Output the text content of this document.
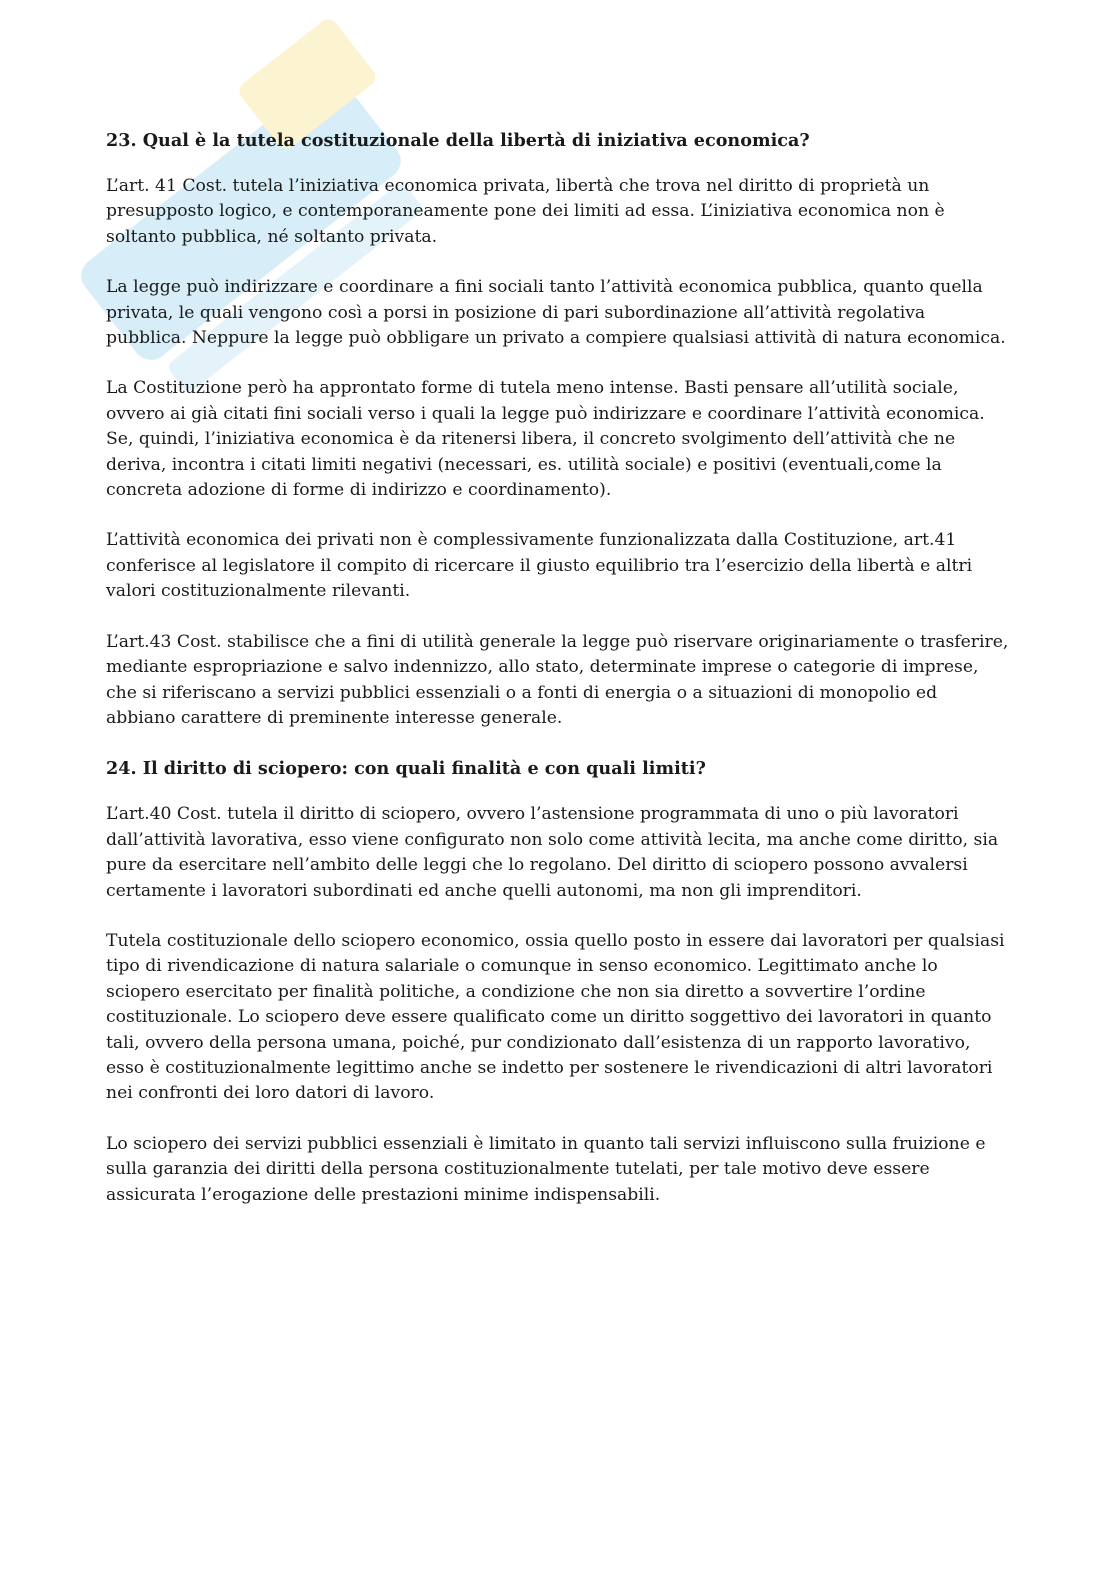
23. Qual è la tutela costituzionale della libertà di iniziativa economica?
L’art. 41 Cost. tutela l’iniziativa economica privata, libertà che trova nel diritto di proprietà un presupposto logico, e contemporaneamente pone dei limiti ad essa. L’iniziativa economica non è soltanto pubblica, né soltanto privata.
La legge può indirizzare e coordinare a fini sociali tanto l’attività economica pubblica, quanto quella privata, le quali vengono così a porsi in posizione di pari subordinazione all’attività regolativa pubblica. Neppure la legge può obbligare un privato a compiere qualsiasi attività di natura economica.
La Costituzione però ha approntato forme di tutela meno intense. Basti pensare all’utilità sociale, ovvero ai già citati fini sociali verso i quali la legge può indirizzare e coordinare l’attività economica. Se, quindi, l’iniziativa economica è da ritenersi libera, il concreto svolgimento dell’attività che ne deriva, incontra i citati limiti negativi (necessari, es. utilità sociale) e positivi (eventuali,come la concreta adozione di forme di indirizzo e coordinamento).
L’attività economica dei privati non è complessivamente funzionalizzata dalla Costituzione, art.41 conferisce al legislatore il compito di ricercare il giusto equilibrio tra l’esercizio della libertà e altri valori costituzionalmente rilevanti.
L’art.43 Cost. stabilisce che a fini di utilità generale la legge può riservare originariamente o trasferire, mediante espropriazione e salvo indennizzo, allo stato, determinate imprese o categorie di imprese, che si riferiscano a servizi pubblici essenziali o a fonti di energia o a situazioni di monopolio ed abbiano carattere di preminente interesse generale.
24. Il diritto di sciopero: con quali finalità e con quali limiti?
L’art.40 Cost. tutela il diritto di sciopero, ovvero l’astensione programmata di uno o più lavoratori dall’attività lavorativa, esso viene configurato non solo come attività lecita, ma anche come diritto, sia pure da esercitare nell’ambito delle leggi che lo regolano. Del diritto di sciopero possono avvalersi certamente i lavoratori subordinati ed anche quelli autonomi, ma non gli imprenditori.
Tutela costituzionale dello sciopero economico, ossia quello posto in essere dai lavoratori per qualsiasi tipo di rivendicazione di natura salariale o comunque in senso economico. Legittimato anche lo sciopero esercitato per finalità politiche, a condizione che non sia diretto a sovvertire l’ordine costituzionale. Lo sciopero deve essere qualificato come un diritto soggettivo dei lavoratori in quanto tali, ovvero della persona umana, poiché, pur condizionato dall’esistenza di un rapporto lavorativo, esso è costituzionalmente legittimo anche se indetto per sostenere le rivendicazioni di altri lavoratori nei confronti dei loro datori di lavoro.
Lo sciopero dei servizi pubblici essenziali è limitato in quanto tali servizi influiscono sulla fruizione e sulla garanzia dei diritti della persona costituzionalmente tutelati, per tale motivo deve essere assicurata l’erogazione delle prestazioni minime indispensabili.
